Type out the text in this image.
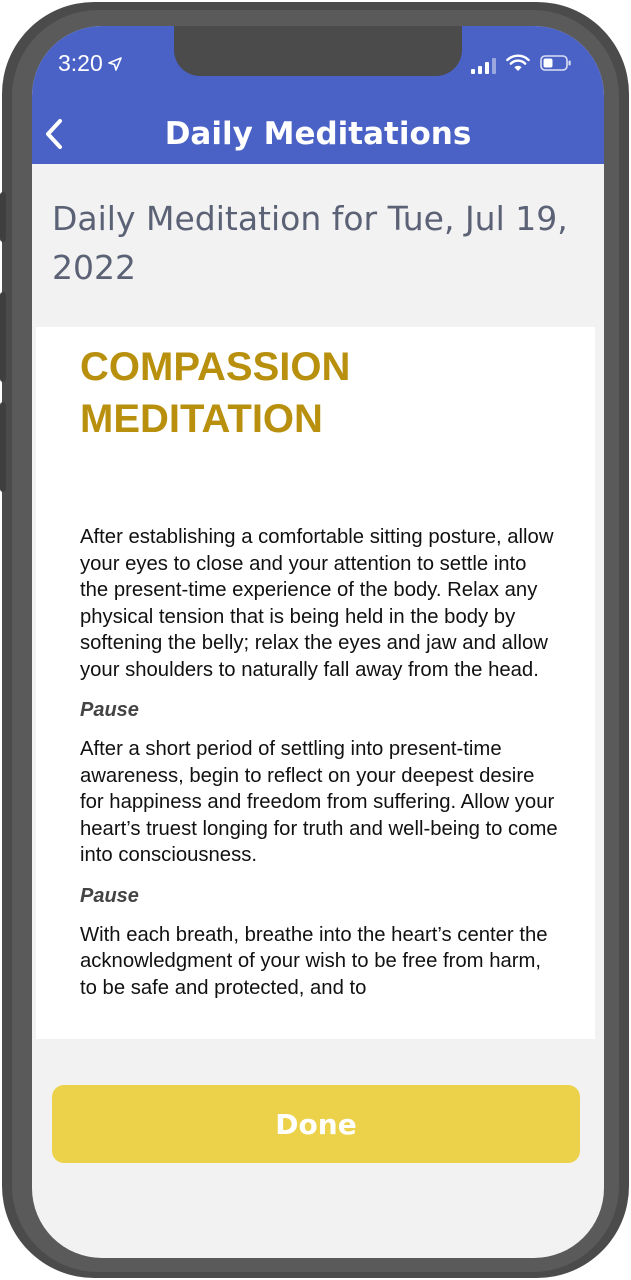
3:20
Daily Meditations
Daily Meditation for Tue, Jul 19, 2022
COMPASSION MEDITATION

After establishing a comfortable sitting posture, allow your eyes to close and your attention to settle into the present-time experience of the body. Relax any physical tension that is being held in the body by softening the belly; relax the eyes and jaw and allow your shoulders to naturally fall away from the head.

Pause

After a short period of settling into present-time awareness, begin to reflect on your deepest desire for happiness and freedom from suffering. Allow your heart’s truest longing for truth and well-being to come into consciousness.

Pause

With each breath, breathe into the heart’s center the acknowledgment of your wish to be free from harm, to be safe and protected, and to

Done
